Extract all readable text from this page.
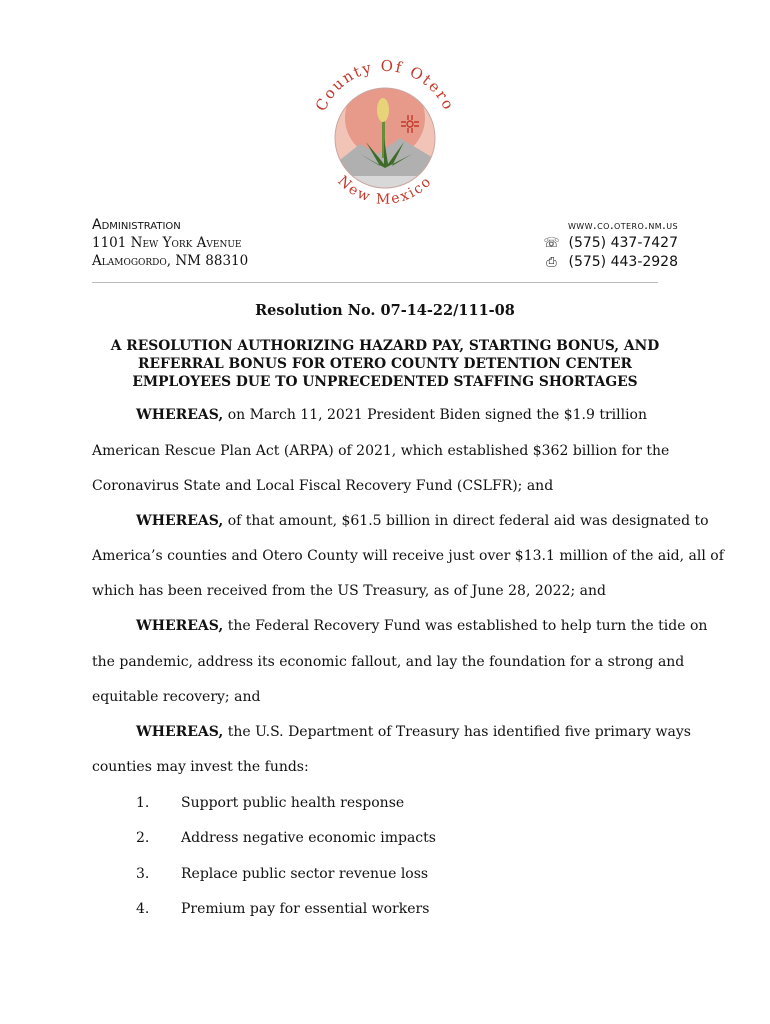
County Of Otero
New Mexico
Administration
1101 New York Avenue
Alamogordo, NM 88310
www.co.otero.nm.us
☏ (575) 437-7427
⎙ (575) 443-2928
Resolution No. 07-14-22/111-08
A RESOLUTION AUTHORIZING HAZARD PAY, STARTING BONUS, AND
REFERRAL BONUS FOR OTERO COUNTY DETENTION CENTER
EMPLOYEES DUE TO UNPRECEDENTED STAFFING SHORTAGES
WHEREAS, on March 11, 2021 President Biden signed the $1.9 trillion
American Rescue Plan Act (ARPA) of 2021, which established $362 billion for the
Coronavirus State and Local Fiscal Recovery Fund (CSLFR); and
WHEREAS, of that amount, $61.5 billion in direct federal aid was designated to
America’s counties and Otero County will receive just over $13.1 million of the aid, all of
which has been received from the US Treasury, as of June 28, 2022; and
WHEREAS, the Federal Recovery Fund was established to help turn the tide on
the pandemic, address its economic fallout, and lay the foundation for a strong and
equitable recovery; and
WHEREAS, the U.S. Department of Treasury has identified five primary ways
counties may invest the funds:
1. Support public health response
2. Address negative economic impacts
3. Replace public sector revenue loss
4. Premium pay for essential workers
